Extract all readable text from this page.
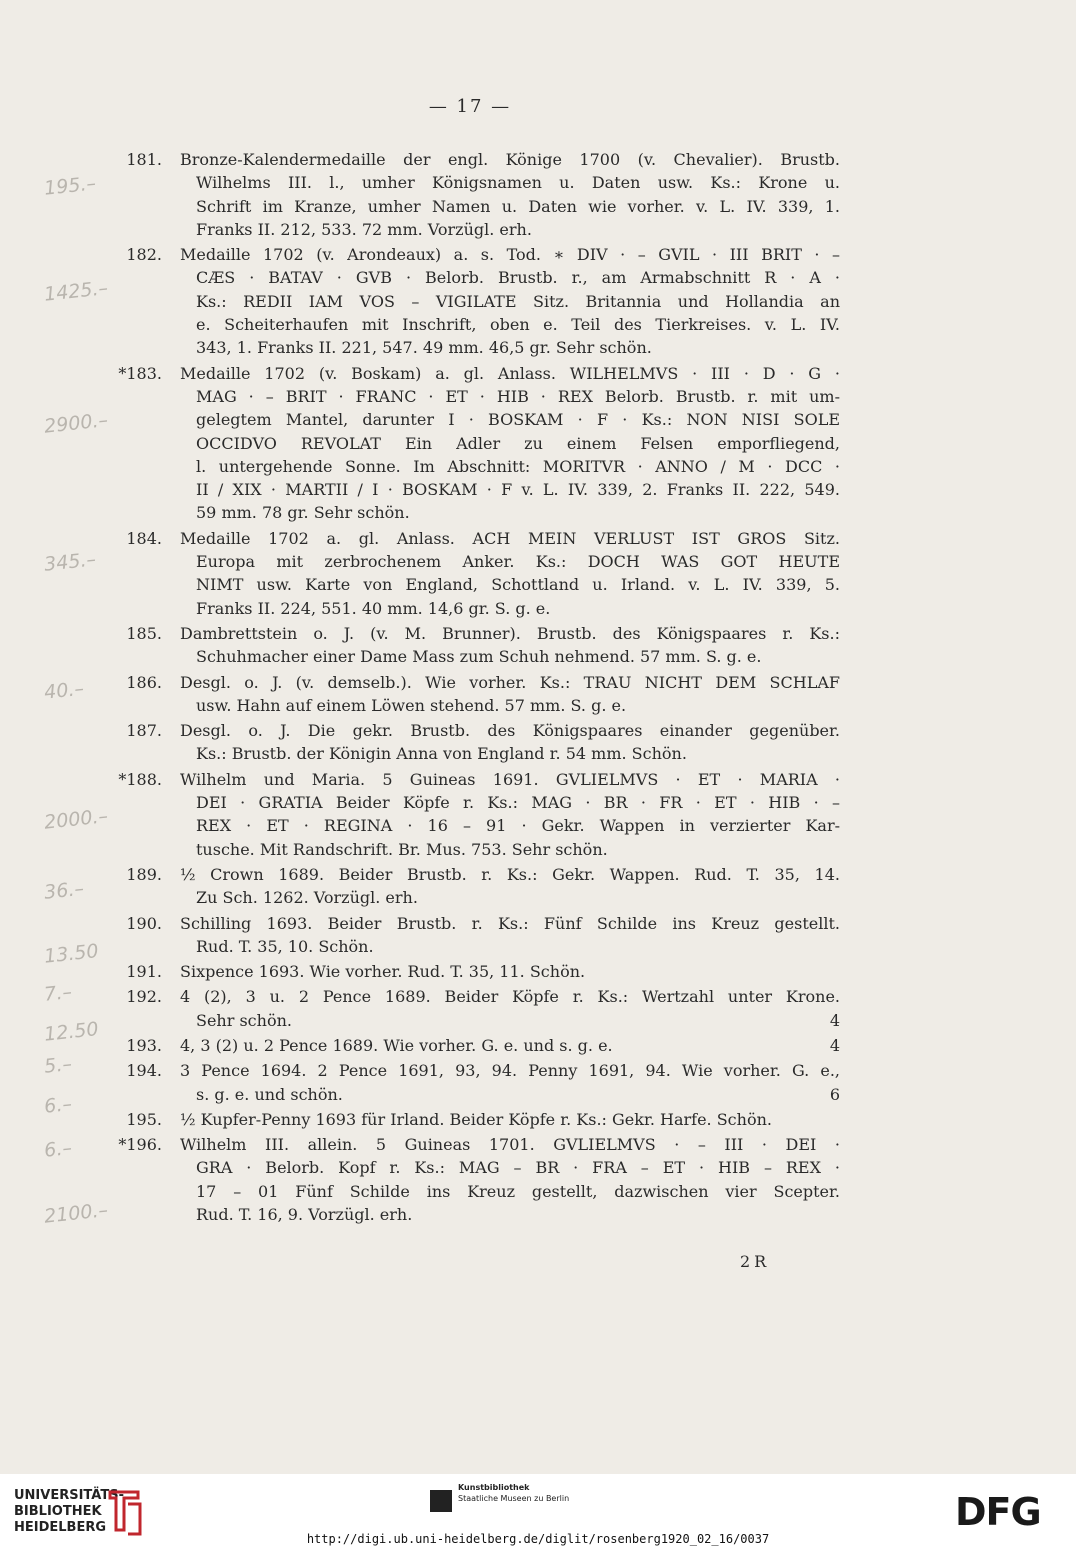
— 17 —
181. Bronze-Kalendermedaille der engl. Könige 1700 (v. Chevalier). Brustb.
Wilhelms III. l., umher Königsnamen u. Daten usw. Ks.: Krone u.
Schrift im Kranze, umher Namen u. Daten wie vorher. v. L. IV. 339, 1.
Franks II. 212, 533. 72 mm. Vorzügl. erh.
182. Medaille 1702 (v. Arondeaux) a. s. Tod. ∗ DIV · – GVIL · III BRIT · –
CÆS · BATAV · GVB · Belorb. Brustb. r., am Armabschnitt R · A ·
Ks.: REDII IAM VOS – VIGILATE Sitz. Britannia und Hollandia an
e. Scheiterhaufen mit Inschrift, oben e. Teil des Tierkreises. v. L. IV.
343, 1. Franks II. 221, 547. 49 mm. 46,5 gr. Sehr schön.
*183. Medaille 1702 (v. Boskam) a. gl. Anlass. WILHELMVS · III · D · G ·
MAG · – BRIT · FRANC · ET · HIB · REX Belorb. Brustb. r. mit um-
gelegtem Mantel, darunter I · BOSKAM · F · Ks.: NON NISI SOLE
OCCIDVO REVOLAT Ein Adler zu einem Felsen emporfliegend,
l. untergehende Sonne. Im Abschnitt: MORITVR · ANNO / M · DCC ·
II / XIX · MARTII / I · BOSKAM · F v. L. IV. 339, 2. Franks II. 222, 549.
59 mm. 78 gr. Sehr schön.
184. Medaille 1702 a. gl. Anlass. ACH MEIN VERLUST IST GROS Sitz.
Europa mit zerbrochenem Anker. Ks.: DOCH WAS GOT HEUTE
NIMT usw. Karte von England, Schottland u. Irland. v. L. IV. 339, 5.
Franks II. 224, 551. 40 mm. 14,6 gr. S. g. e.
185. Dambrettstein o. J. (v. M. Brunner). Brustb. des Königspaares r. Ks.:
Schuhmacher einer Dame Mass zum Schuh nehmend. 57 mm. S. g. e.
186. Desgl. o. J. (v. demselb.). Wie vorher. Ks.: TRAU NICHT DEM SCHLAF
usw. Hahn auf einem Löwen stehend. 57 mm. S. g. e.
187. Desgl. o. J. Die gekr. Brustb. des Königspaares einander gegenüber.
Ks.: Brustb. der Königin Anna von England r. 54 mm. Schön.
*188. Wilhelm und Maria. 5 Guineas 1691. GVLIELMVS · ET · MARIA ·
DEI · GRATIA Beider Köpfe r. Ks.: MAG · BR · FR · ET · HIB · –
REX · ET · REGINA · 16 – 91 · Gekr. Wappen in verzierter Kar-
tusche. Mit Randschrift. Br. Mus. 753. Sehr schön.
189. ½ Crown 1689. Beider Brustb. r. Ks.: Gekr. Wappen. Rud. T. 35, 14.
Zu Sch. 1262. Vorzügl. erh.
190. Schilling 1693. Beider Brustb. r. Ks.: Fünf Schilde ins Kreuz gestellt.
Rud. T. 35, 10. Schön.
191. Sixpence 1693. Wie vorher. Rud. T. 35, 11. Schön.
192. 4 (2), 3 u. 2 Pence 1689. Beider Köpfe r. Ks.: Wertzahl unter Krone.
Sehr schön.	4
193. 4, 3 (2) u. 2 Pence 1689. Wie vorher. G. e. und s. g. e.	4
194. 3 Pence 1694. 2 Pence 1691, 93, 94. Penny 1691, 94. Wie vorher. G. e.,
s. g. e. und schön.	6
195. ½ Kupfer-Penny 1693 für Irland. Beider Köpfe r. Ks.: Gekr. Harfe. Schön.
*196. Wilhelm III. allein. 5 Guineas 1701. GVLIELMVS · – III · DEI ·
GRA · Belorb. Kopf r. Ks.: MAG – BR · FRA – ET · HIB – REX ·
17 – 01 Fünf Schilde ins Kreuz gestellt, dazwischen vier Scepter.
Rud. T. 16, 9. Vorzügl. erh.
2R
195.–
1425.–
2900.–
345.–
40.–
2000.–
36.–
13.50
7.–
12.50
5.–
6.–
6.–
2100.–
UNIVERSITÄTS-
BIBLIOTHEK
HEIDELBERG
Kunstbibliothek
Staatliche Museen zu Berlin	DFG
http://digi.ub.uni-heidelberg.de/diglit/rosenberg1920_02_16/0037
